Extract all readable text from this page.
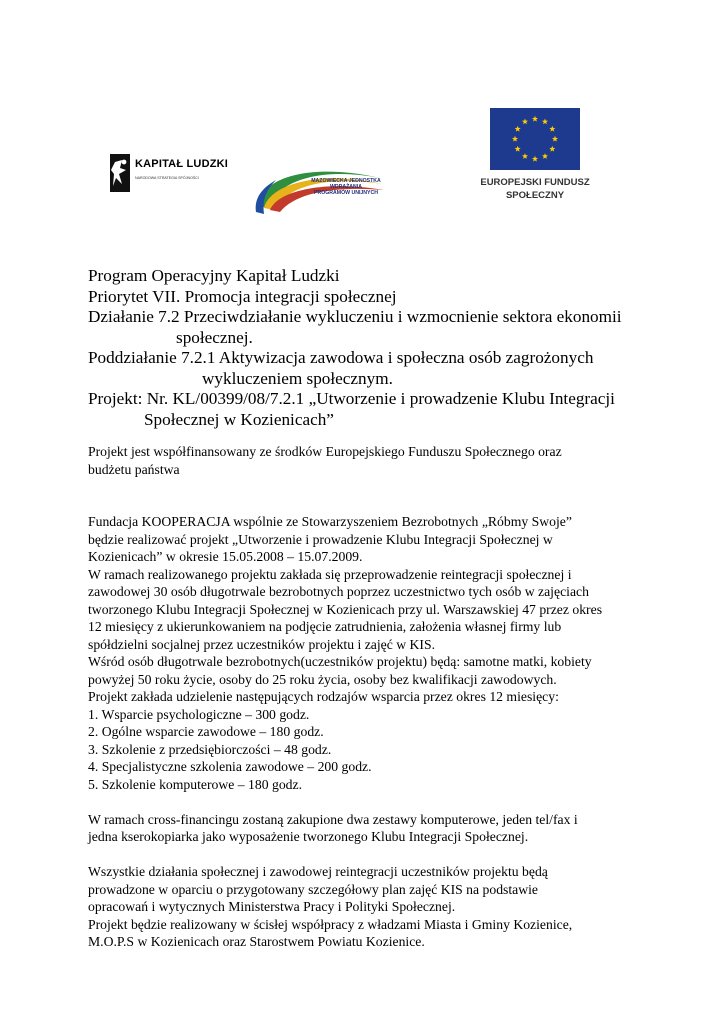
KAPITAŁ LUDZKI
NARODOWA STRATEGIA SPÓJNOŚCI	MAZOWIECKA JEDNOSTKA
WDRAŻANIA
PROGRAMÓW UNIJNYCH
EUROPEJSKI FUNDUSZ
SPOŁECZNY

Program Operacyjny Kapitał Ludzki

Priorytet VII. Promocja integracji społecznej

Działanie 7.2 Przeciwdziałanie wykluczeniu i wzmocnienie sektora ekonomii

społecznej.

Poddziałanie 7.2.1 Aktywizacja zawodowa i społeczna osób zagrożonych

wykluczeniem społecznym.

Projekt: Nr. KL/00399/08/7.2.1 „Utworzenie i prowadzenie Klubu Integracji

Społecznej w Kozienicach”

Projekt jest współfinansowany ze środków Europejskiego Funduszu Społecznego oraz

budżetu państwa

Fundacja KOOPERACJA wspólnie ze Stowarzyszeniem Bezrobotnych „Róbmy Swoje”

będzie realizować projekt „Utworzenie i prowadzenie Klubu Integracji Społecznej w

Kozienicach” w okresie 15.05.2008 – 15.07.2009.

W ramach realizowanego projektu zakłada się przeprowadzenie reintegracji społecznej i

zawodowej 30 osób długotrwale bezrobotnych poprzez uczestnictwo tych osób w zajęciach

tworzonego Klubu Integracji Społecznej w Kozienicach przy ul. Warszawskiej 47 przez okres

12 miesięcy z ukierunkowaniem na podjęcie zatrudnienia, założenia własnej firmy lub

spółdzielni socjalnej przez uczestników projektu i zajęć w KIS.

Wśród osób długotrwale bezrobotnych(uczestników projektu) będą: samotne matki, kobiety

powyżej 50 roku życie, osoby do 25 roku życia, osoby bez kwalifikacji zawodowych.

Projekt zakłada udzielenie następujących rodzajów wsparcia przez okres 12 miesięcy:

1. Wsparcie psychologiczne – 300 godz.

2. Ogólne wsparcie zawodowe – 180 godz.

3. Szkolenie z przedsiębiorczości – 48 godz.

4. Specjalistyczne szkolenia zawodowe – 200 godz.

5. Szkolenie komputerowe – 180 godz.

W ramach cross-financingu zostaną zakupione dwa zestawy komputerowe, jeden tel/fax i

jedna kserokopiarka jako wyposażenie tworzonego Klubu Integracji Społecznej.

Wszystkie działania społecznej i zawodowej reintegracji uczestników projektu będą

prowadzone w oparciu o przygotowany szczegółowy plan zajęć KIS na podstawie

opracowań i wytycznych Ministerstwa Pracy i Polityki Społecznej.

Projekt będzie realizowany w ścisłej współpracy z władzami Miasta i Gminy Kozienice,

M.O.P.S w Kozienicach oraz Starostwem Powiatu Kozienice.
